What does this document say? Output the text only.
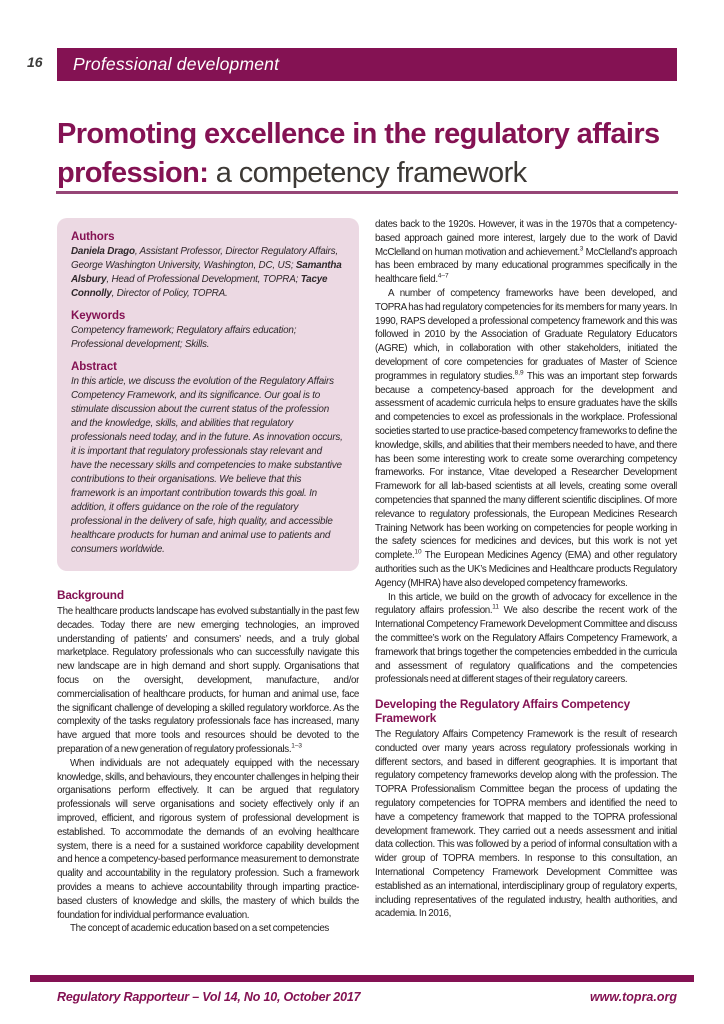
16 Professional development
Promoting excellence in the regulatory affairs profession: a competency framework
Authors

Daniela Drago, Assistant Professor, Director Regulatory Affairs, George Washington University, Washington, DC, US; Samantha Alsbury, Head of Professional Development, TOPRA; Tacye Connolly, Director of Policy, TOPRA.

Keywords

Competency framework; Regulatory affairs education; Professional development; Skills.

Abstract

In this article, we discuss the evolution of the Regulatory Affairs Competency Framework, and its significance. Our goal is to stimulate discussion about the current status of the profession and the knowledge, skills, and abilities that regulatory professionals need today, and in the future. As innovation occurs, it is important that regulatory professionals stay relevant and have the necessary skills and competencies to make substantive contributions to their organisations. We believe that this framework is an important contribution towards this goal. In addition, it offers guidance on the role of the regulatory professional in the delivery of safe, high quality, and accessible healthcare products for human and animal use to patients and consumers worldwide.

Background

The healthcare products landscape has evolved substantially in the past few decades. Today there are new emerging technologies, an improved understanding of patients’ and consumers’ needs, and a truly global marketplace. Regulatory professionals who can successfully navigate this new landscape are in high demand and short supply. Organisations that focus on the oversight, development, manufacture, and/or commercialisation of healthcare products, for human and animal use, face the significant challenge of developing a skilled regulatory workforce. As the complexity of the tasks regulatory professionals face has increased, many have argued that more tools and resources should be devoted to the preparation of a new generation of regulatory professionals.$^{1-3}$

When individuals are not adequately equipped with the necessary knowledge, skills, and behaviours, they encounter challenges in helping their organisations perform effectively. It can be argued that regulatory professionals will serve organisations and society effectively only if an improved, efficient, and rigorous system of professional development is established. To accommodate the demands of an evolving healthcare system, there is a need for a sustained workforce capability development and hence a competency-based performance measurement to demonstrate quality and accountability in the regulatory profession. Such a framework provides a means to achieve accountability through imparting practice-based clusters of knowledge and skills, the mastery of which builds the foundation for individual performance evaluation.

The concept of academic education based on a set competencies

dates back to the 1920s. However, it was in the 1970s that a competency-based approach gained more interest, largely due to the work of David McClelland on human motivation and achievement.$^3$ McClelland’s approach has been embraced by many educational programmes specifically in the healthcare field.$^{4-7}$

A number of competency frameworks have been developed, and TOPRA has had regulatory competencies for its members for many years. In 1990, RAPS developed a professional competency framework and this was followed in 2010 by the Association of Graduate Regulatory Educators (AGRE) which, in collaboration with other stakeholders, initiated the development of core competencies for graduates of Master of Science programmes in regulatory studies.$^{8,9}$ This was an important step forwards because a competency-based approach for the development and assessment of academic curricula helps to ensure graduates have the skills and competencies to excel as professionals in the workplace. Professional societies started to use practice-based competency frameworks to define the knowledge, skills, and abilities that their members needed to have, and there has been some interesting work to create some overarching competency frameworks. For instance, Vitae developed a Researcher Development Framework for all lab-based scientists at all levels, creating some overall competencies that spanned the many different scientific disciplines. Of more relevance to regulatory professionals, the European Medicines Research Training Network has been working on competencies for people working in the safety sciences for medicines and devices, but this work is not yet complete.$^{10}$ The European Medicines Agency (EMA) and other regulatory authorities such as the UK’s Medicines and Healthcare products Regulatory Agency (MHRA) have also developed competency frameworks.

In this article, we build on the growth of advocacy for excellence in the regulatory affairs profession.$^{11}$ We also describe the recent work of the International Competency Framework Development Committee and discuss the committee’s work on the Regulatory Affairs Competency Framework, a framework that brings together the competencies embedded in the curricula and assessment of regulatory qualifications and the competencies professionals need at different stages of their regulatory careers.

Developing the Regulatory Affairs Competency Framework

The Regulatory Affairs Competency Framework is the result of research conducted over many years across regulatory professionals working in different sectors, and based in different geographies. It is important that regulatory competency frameworks develop along with the profession. The TOPRA Professionalism Committee began the process of updating the regulatory competencies for TOPRA members and identified the need to have a competency framework that mapped to the TOPRA professional development framework. They carried out a needs assessment and initial data collection. This was followed by a period of informal consultation with a wider group of TOPRA members. In response to this consultation, an International Competency Framework Development Committee was established as an international, interdisciplinary group of regulatory experts, including representatives of the regulated industry, health authorities, and academia. In 2016,

Regulatory Rapporteur – Vol 14, No 10, October 2017	www.topra.org
